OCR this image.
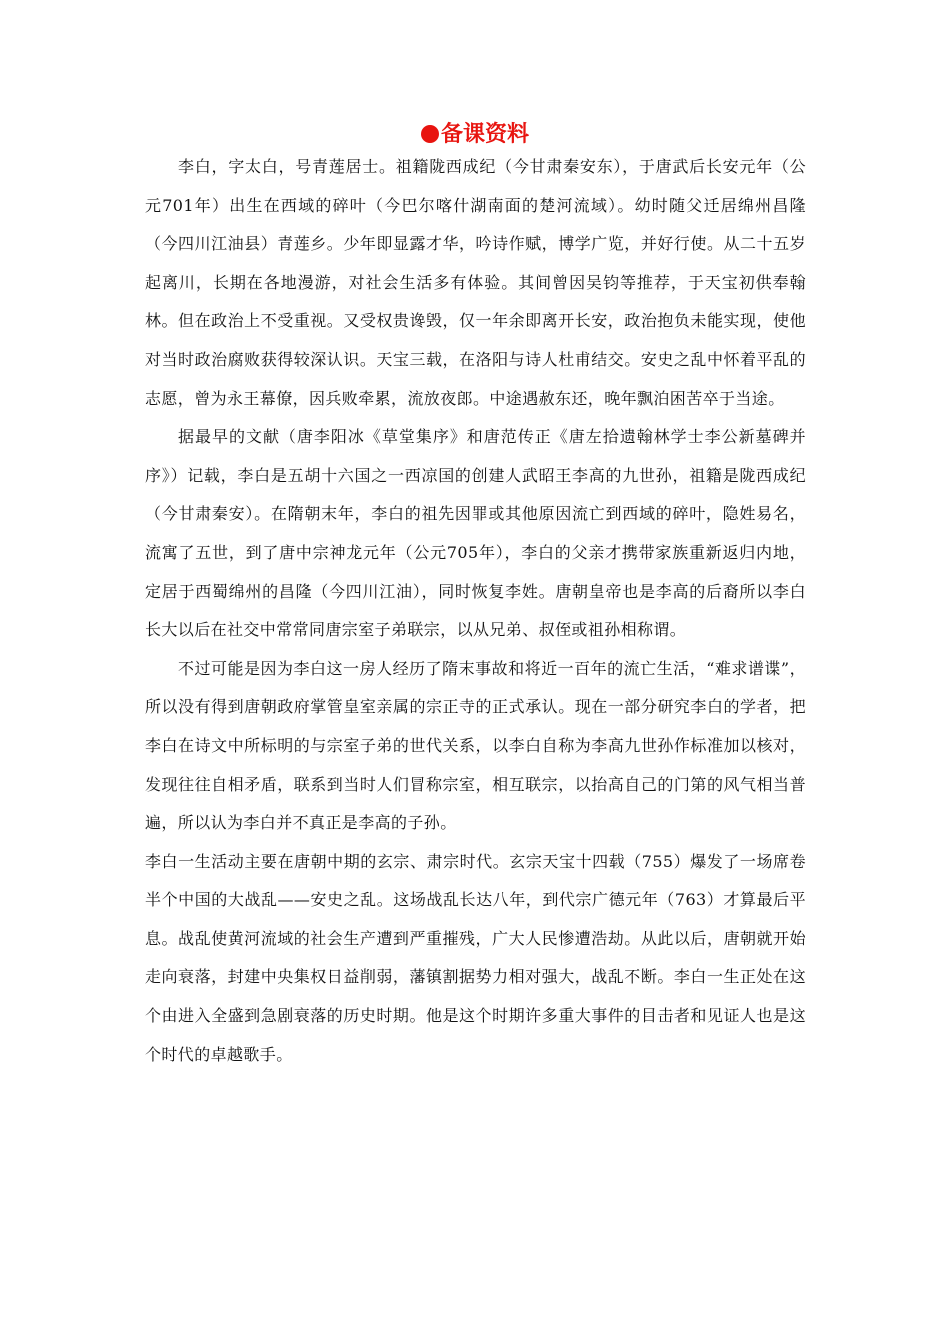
备课资料

李白，字太白，号青莲居士。祖籍陇西成纪（今甘肃秦安东），于唐武后长安元年（公元701年）出生在西域的碎叶（今巴尔喀什湖南面的楚河流域）。幼时随父迁居绵州昌隆（今四川江油县）青莲乡。少年即显露才华，吟诗作赋，博学广览，并好行使。从二十五岁起离川，长期在各地漫游，对社会生活多有体验。其间曾因吴钧等推荐，于天宝初供奉翰林。但在政治上不受重视。又受权贵谗毁，仅一年余即离开长安，政治抱负未能实现，使他对当时政治腐败获得较深认识。天宝三载，在洛阳与诗人杜甫结交。安史之乱中怀着平乱的志愿，曾为永王幕僚，因兵败牵累，流放夜郎。中途遇赦东还，晚年飘泊困苦卒于当途。

据最早的文献（唐李阳冰《草堂集序》和唐范传正《唐左拾遗翰林学士李公新墓碑并序》）记载，李白是五胡十六国之一西凉国的创建人武昭王李高的九世孙，祖籍是陇西成纪（今甘肃秦安）。在隋朝末年，李白的祖先因罪或其他原因流亡到西域的碎叶，隐姓易名，流寓了五世，到了唐中宗神龙元年（公元705年），李白的父亲才携带家族重新返归内地，定居于西蜀绵州的昌隆（今四川江油），同时恢复李姓。唐朝皇帝也是李高的后裔所以李白长大以后在社交中常常同唐宗室子弟联宗，以从兄弟、叔侄或祖孙相称谓。

不过可能是因为李白这一房人经历了隋末事故和将近一百年的流亡生活，“难求谱谍”，所以没有得到唐朝政府掌管皇室亲属的宗正寺的正式承认。现在一部分研究李白的学者，把李白在诗文中所标明的与宗室子弟的世代关系，以李白自称为李高九世孙作标准加以核对，发现往往自相矛盾，联系到当时人们冒称宗室，相互联宗，以抬高自己的门第的风气相当普遍，所以认为李白并不真正是李高的子孙。

李白一生活动主要在唐朝中期的玄宗、肃宗时代。玄宗天宝十四载（755）爆发了一场席卷半个中国的大战乱——安史之乱。这场战乱长达八年，到代宗广德元年（763）才算最后平息。战乱使黄河流域的社会生产遭到严重摧残，广大人民惨遭浩劫。从此以后，唐朝就开始走向衰落，封建中央集权日益削弱，藩镇割据势力相对强大，战乱不断。李白一生正处在这个由进入全盛到急剧衰落的历史时期。他是这个时期许多重大事件的目击者和见证人也是这个时代的卓越歌手。
